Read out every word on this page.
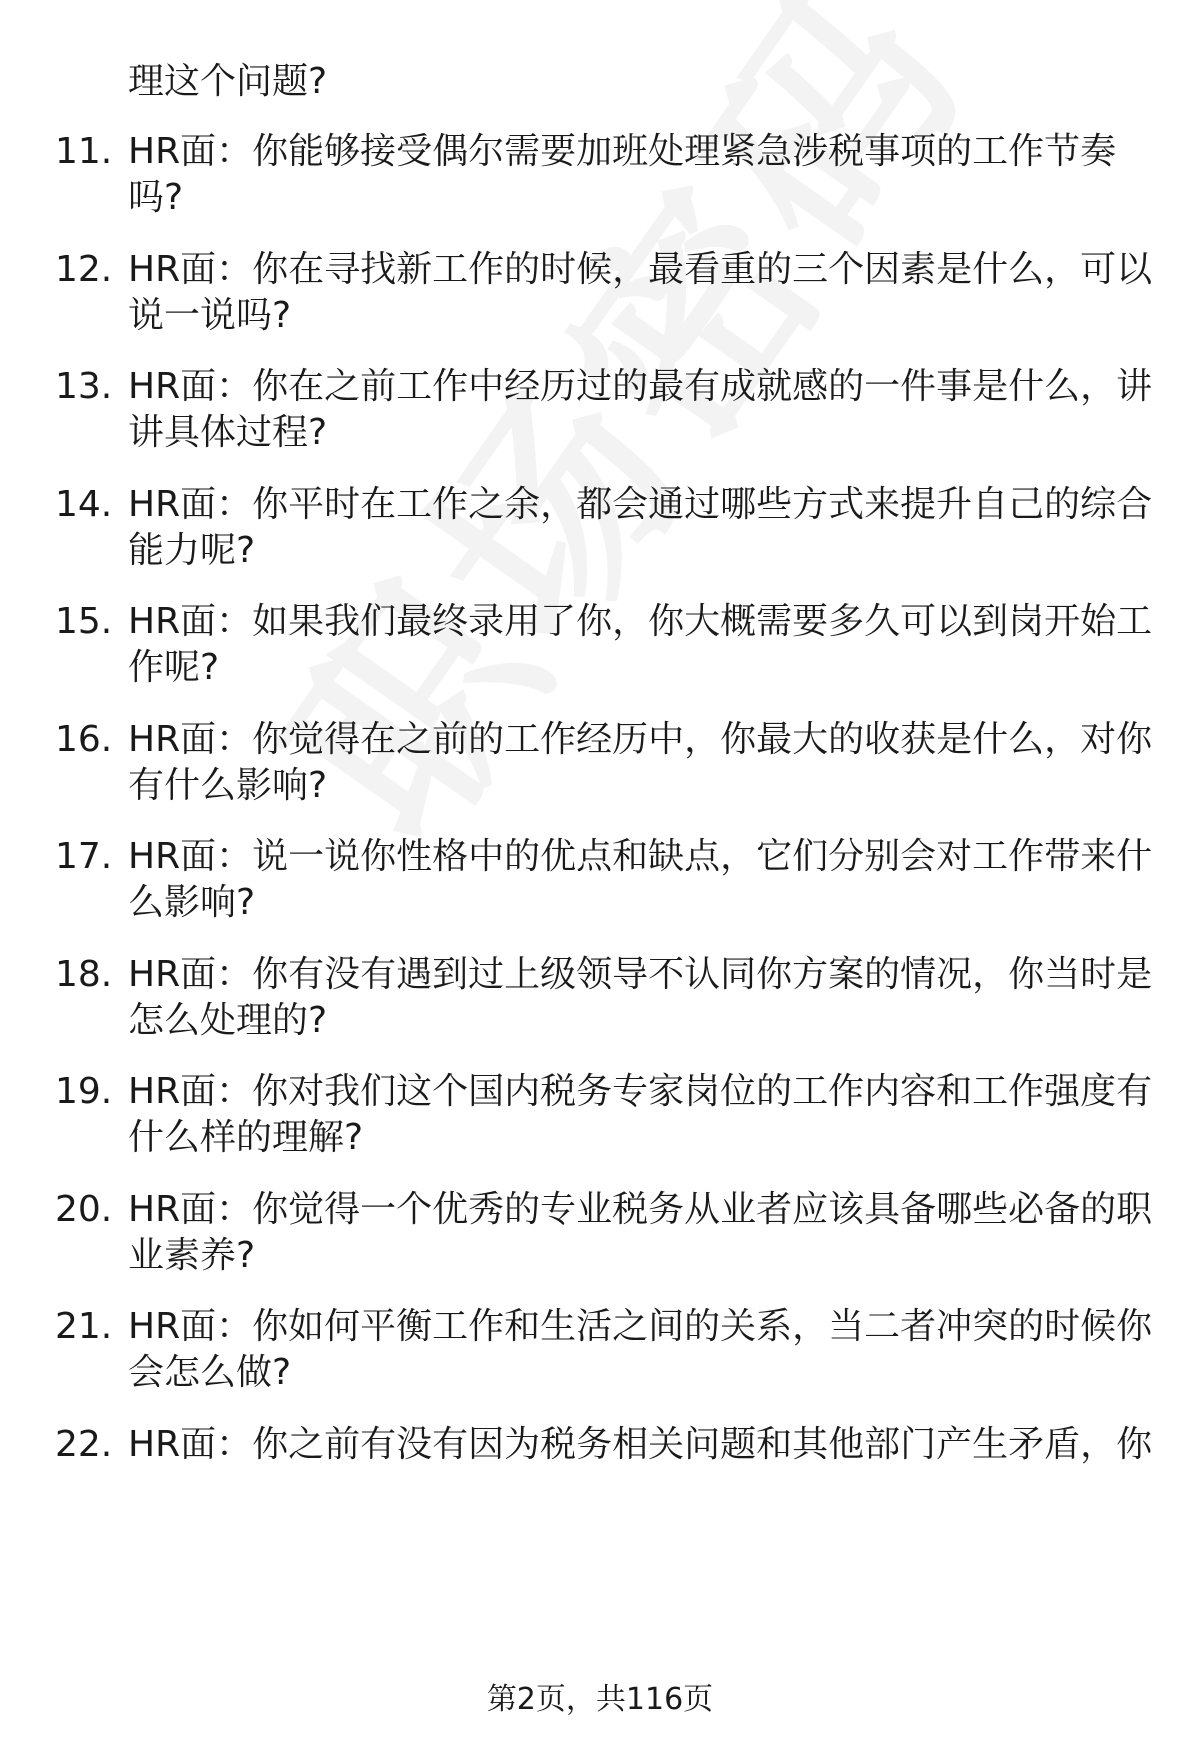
理这个问题?
11. HR面：你能够接受偶尔需要加班处理紧急涉税事项的工作节奏
吗?
12. HR面：你在寻找新工作的时候，最看重的三个因素是什么，可以
说一说吗?
13. HR面：你在之前工作中经历过的最有成就感的一件事是什么，讲
讲具体过程?
14. HR面：你平时在工作之余，都会通过哪些方式来提升自己的综合
能力呢?
15. HR面：如果我们最终录用了你，你大概需要多久可以到岗开始工
作呢?
16. HR面：你觉得在之前的工作经历中，你最大的收获是什么，对你
有什么影响?
17. HR面：说一说你性格中的优点和缺点，它们分别会对工作带来什
么影响?
18. HR面：你有没有遇到过上级领导不认同你方案的情况，你当时是
怎么处理的?
19. HR面：你对我们这个国内税务专家岗位的工作内容和工作强度有
什么样的理解?
20. HR面：你觉得一个优秀的专业税务从业者应该具备哪些必备的职
业素养?
21. HR面：你如何平衡工作和生活之间的关系，当二者冲突的时候你
会怎么做?
22. HR面：你之前有没有因为税务相关问题和其他部门产生矛盾，你
第2页，共116页
